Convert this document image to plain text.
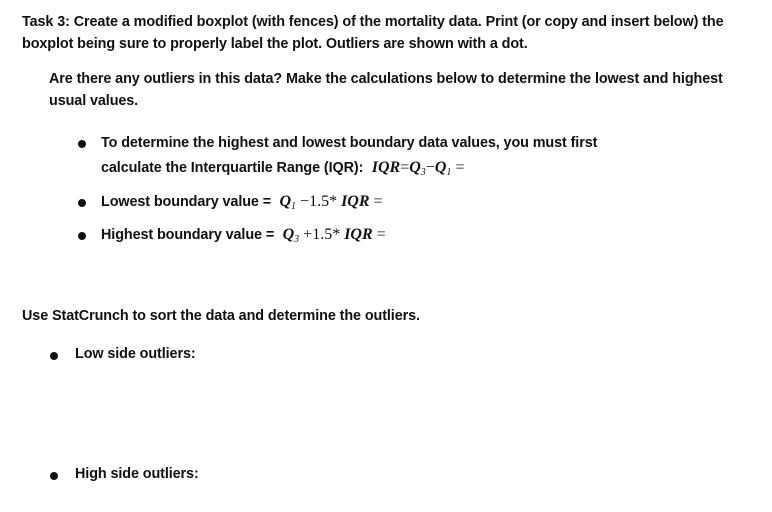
Task 3: Create a modified boxplot (with fences) of the mortality data. Print (or copy and insert below) the boxplot being sure to properly label the plot. Outliers are shown with a dot.

Are there any outliers in this data? Make the calculations below to determine the lowest and highest usual values.

To determine the highest and lowest boundary data values, you must first
calculate the Interquartile Range (IQR): $IQR=Q_3-Q_1$ =
Lowest boundary value = $Q_1 -1.5*$ IQR =
Highest boundary value = $Q_3 +1.5*$ IQR =

Use StatCrunch to sort the data and determine the outliers.

Low side outliers:
High side outliers:
